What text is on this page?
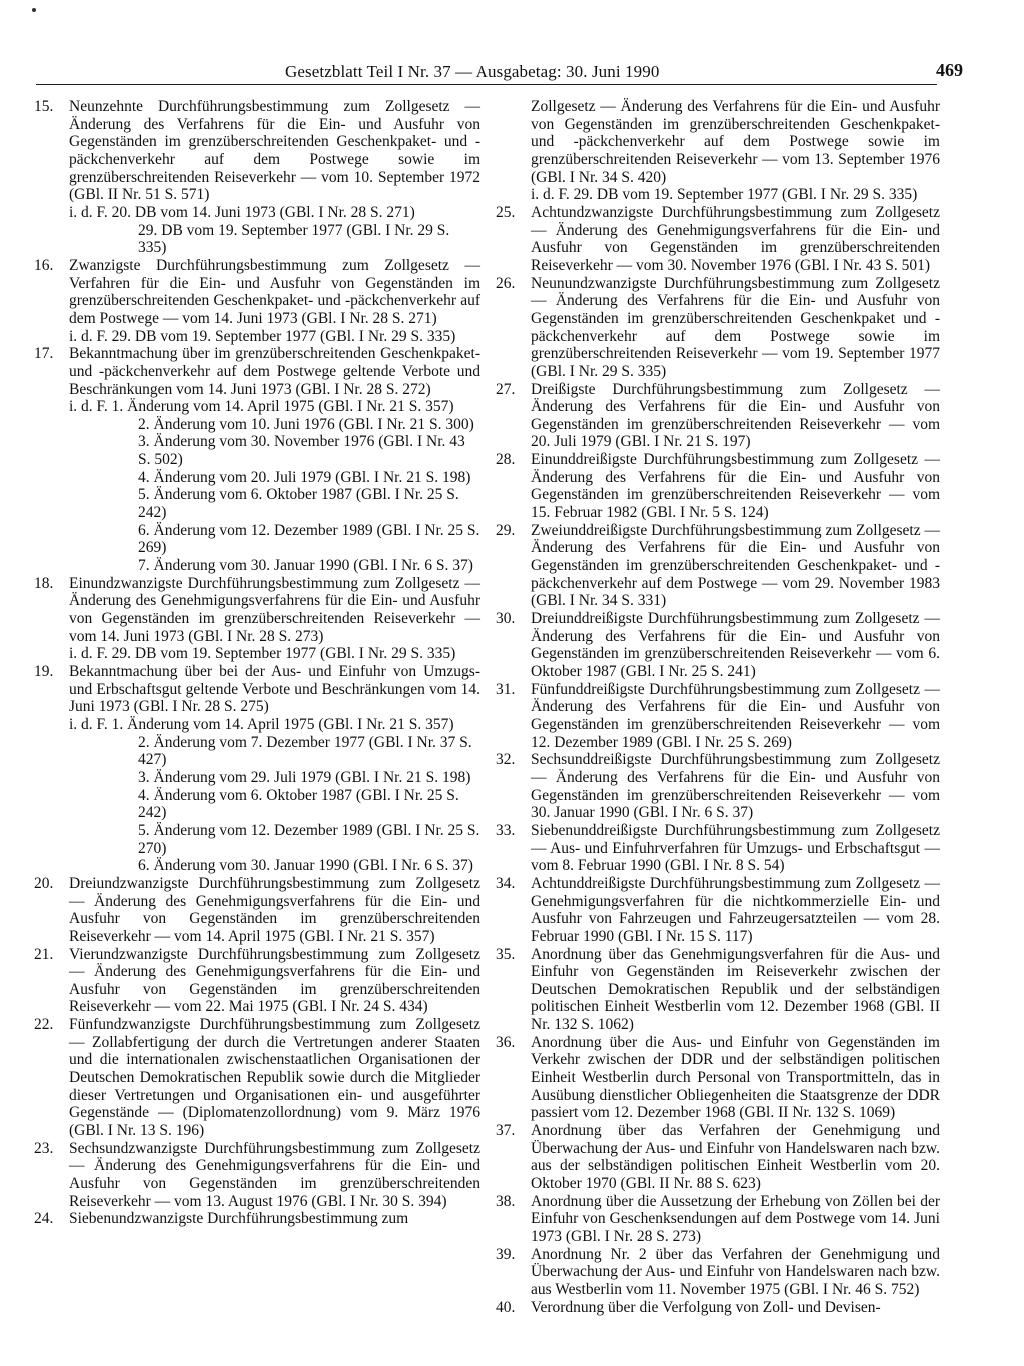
Gesetzblatt Teil I Nr. 37 — Ausgabetag: 30. Juni 1990	469
15. Neunzehnte Durchführungsbestimmung zum Zollgesetz — Änderung des Verfahrens für die Ein- und Ausfuhr von Gegenständen im grenzüberschreitenden Geschenkpaket- und -päckchenverkehr auf dem Postwege sowie im grenzüberschreitenden Reiseverkehr — vom 10. September 1972 (GBl. II Nr. 51 S. 571)
i. d. F. 20. DB vom 14. Juni 1973 (GBl. I Nr. 28 S. 271)
29. DB vom 19. September 1977 (GBl. I Nr. 29 S. 335)
16. Zwanzigste Durchführungsbestimmung zum Zollgesetz — Verfahren für die Ein- und Ausfuhr von Gegenständen im grenzüberschreitenden Geschenkpaket- und -päckchenverkehr auf dem Postwege — vom 14. Juni 1973 (GBl. I Nr. 28 S. 271)
i. d. F. 29. DB vom 19. September 1977 (GBl. I Nr. 29 S. 335)
17. Bekanntmachung über im grenzüberschreitenden Geschenkpaket- und -päckchenverkehr auf dem Postwege geltende Verbote und Beschränkungen vom 14. Juni 1973 (GBl. I Nr. 28 S. 272)
i. d. F. 1. Änderung vom 14. April 1975 (GBl. I Nr. 21 S. 357)
2. Änderung vom 10. Juni 1976 (GBl. I Nr. 21 S. 300)
3. Änderung vom 30. November 1976 (GBl. I Nr. 43 S. 502)
4. Änderung vom 20. Juli 1979 (GBl. I Nr. 21 S. 198)
5. Änderung vom 6. Oktober 1987 (GBl. I Nr. 25 S. 242)
6. Änderung vom 12. Dezember 1989 (GBl. I Nr. 25 S. 269)
7. Änderung vom 30. Januar 1990 (GBl. I Nr. 6 S. 37)
18. Einundzwanzigste Durchführungsbestimmung zum Zollgesetz — Änderung des Genehmigungsverfahrens für die Ein- und Ausfuhr von Gegenständen im grenzüberschreitenden Reiseverkehr — vom 14. Juni 1973 (GBl. I Nr. 28 S. 273)
i. d. F. 29. DB vom 19. September 1977 (GBl. I Nr. 29 S. 335)
19. Bekanntmachung über bei der Aus- und Einfuhr von Umzugs- und Erbschaftsgut geltende Verbote und Beschränkungen vom 14. Juni 1973 (GBl. I Nr. 28 S. 275)
i. d. F. 1. Änderung vom 14. April 1975 (GBl. I Nr. 21 S. 357)
2. Änderung vom 7. Dezember 1977 (GBl. I Nr. 37 S. 427)
3. Änderung vom 29. Juli 1979 (GBl. I Nr. 21 S. 198)
4. Änderung vom 6. Oktober 1987 (GBl. I Nr. 25 S. 242)
5. Änderung vom 12. Dezember 1989 (GBl. I Nr. 25 S. 270)
6. Änderung vom 30. Januar 1990 (GBl. I Nr. 6 S. 37)
20. Dreiundzwanzigste Durchführungsbestimmung zum Zollgesetz — Änderung des Genehmigungsverfahrens für die Ein- und Ausfuhr von Gegenständen im grenzüberschreitenden Reiseverkehr — vom 14. April 1975 (GBl. I Nr. 21 S. 357)
21. Vierundzwanzigste Durchführungsbestimmung zum Zollgesetz — Änderung des Genehmigungsverfahrens für die Ein- und Ausfuhr von Gegenständen im grenzüberschreitenden Reiseverkehr — vom 22. Mai 1975 (GBl. I Nr. 24 S. 434)
22. Fünfundzwanzigste Durchführungsbestimmung zum Zollgesetz — Zollabfertigung der durch die Vertretungen anderer Staaten und die internationalen zwischenstaatlichen Organisationen der Deutschen Demokratischen Republik sowie durch die Mitglieder dieser Vertretungen und Organisationen ein- und ausgeführter Gegenstände — (Diplomatenzollordnung) vom 9. März 1976 (GBl. I Nr. 13 S. 196)
23. Sechsundzwanzigste Durchführungsbestimmung zum Zollgesetz — Änderung des Genehmigungsverfahrens für die Ein- und Ausfuhr von Gegenständen im grenzüberschreitenden Reiseverkehr — vom 13. August 1976 (GBl. I Nr. 30 S. 394)
24. Siebenundzwanzigste Durchführungsbestimmung zum
Zollgesetz — Änderung des Verfahrens für die Ein- und Ausfuhr von Gegenständen im grenzüberschreitenden Geschenkpaket- und -päckchenverkehr auf dem Postwege sowie im grenzüberschreitenden Reiseverkehr — vom 13. September 1976 (GBl. I Nr. 34 S. 420)
i. d. F. 29. DB vom 19. September 1977 (GBl. I Nr. 29 S. 335)
25. Achtundzwanzigste Durchführungsbestimmung zum Zollgesetz — Änderung des Genehmigungsverfahrens für die Ein- und Ausfuhr von Gegenständen im grenzüberschreitenden Reiseverkehr — vom 30. November 1976 (GBl. I Nr. 43 S. 501)
26. Neunundzwanzigste Durchführungsbestimmung zum Zollgesetz — Änderung des Verfahrens für die Ein- und Ausfuhr von Gegenständen im grenzüberschreitenden Geschenkpaket und -päckchenverkehr auf dem Postwege sowie im grenzüberschreitenden Reiseverkehr — vom 19. September 1977 (GBl. I Nr. 29 S. 335)
27. Dreißigste Durchführungsbestimmung zum Zollgesetz — Änderung des Verfahrens für die Ein- und Ausfuhr von Gegenständen im grenzüberschreitenden Reiseverkehr — vom 20. Juli 1979 (GBl. I Nr. 21 S. 197)
28. Einunddreißigste Durchführungsbestimmung zum Zollgesetz — Änderung des Verfahrens für die Ein- und Ausfuhr von Gegenständen im grenzüberschreitenden Reiseverkehr — vom 15. Februar 1982 (GBl. I Nr. 5 S. 124)
29. Zweiunddreißigste Durchführungsbestimmung zum Zollgesetz — Änderung des Verfahrens für die Ein- und Ausfuhr von Gegenständen im grenzüberschreitenden Geschenkpaket- und -päckchenverkehr auf dem Postwege — vom 29. November 1983 (GBl. I Nr. 34 S. 331)
30. Dreiunddreißigste Durchführungsbestimmung zum Zollgesetz — Änderung des Verfahrens für die Ein- und Ausfuhr von Gegenständen im grenzüberschreitenden Reiseverkehr — vom 6. Oktober 1987 (GBl. I Nr. 25 S. 241)
31. Fünfunddreißigste Durchführungsbestimmung zum Zollgesetz — Änderung des Verfahrens für die Ein- und Ausfuhr von Gegenständen im grenzüberschreitenden Reiseverkehr — vom 12. Dezember 1989 (GBl. I Nr. 25 S. 269)
32. Sechsunddreißigste Durchführungsbestimmung zum Zollgesetz — Änderung des Verfahrens für die Ein- und Ausfuhr von Gegenständen im grenzüberschreitenden Reiseverkehr — vom 30. Januar 1990 (GBl. I Nr. 6 S. 37)
33. Siebenunddreißigste Durchführungsbestimmung zum Zollgesetz — Aus- und Einfuhrverfahren für Umzugs- und Erbschaftsgut — vom 8. Februar 1990 (GBl. I Nr. 8 S. 54)
34. Achtunddreißigste Durchführungsbestimmung zum Zollgesetz — Genehmigungsverfahren für die nichtkommerzielle Ein- und Ausfuhr von Fahrzeugen und Fahrzeugersatzteilen — vom 28. Februar 1990 (GBl. I Nr. 15 S. 117)
35. Anordnung über das Genehmigungsverfahren für die Aus- und Einfuhr von Gegenständen im Reiseverkehr zwischen der Deutschen Demokratischen Republik und der selbständigen politischen Einheit Westberlin vom 12. Dezember 1968 (GBl. II Nr. 132 S. 1062)
36. Anordnung über die Aus- und Einfuhr von Gegenständen im Verkehr zwischen der DDR und der selbständigen politischen Einheit Westberlin durch Personal von Transportmitteln, das in Ausübung dienstlicher Obliegenheiten die Staatsgrenze der DDR passiert vom 12. Dezember 1968 (GBl. II Nr. 132 S. 1069)
37. Anordnung über das Verfahren der Genehmigung und Überwachung der Aus- und Einfuhr von Handelswaren nach bzw. aus der selbständigen politischen Einheit Westberlin vom 20. Oktober 1970 (GBl. II Nr. 88 S. 623)
38. Anordnung über die Aussetzung der Erhebung von Zöllen bei der Einfuhr von Geschenksendungen auf dem Postwege vom 14. Juni 1973 (GBl. I Nr. 28 S. 273)
39. Anordnung Nr. 2 über das Verfahren der Genehmigung und Überwachung der Aus- und Einfuhr von Handelswaren nach bzw. aus Westberlin vom 11. November 1975 (GBl. I Nr. 46 S. 752)
40. Verordnung über die Verfolgung von Zoll- und Devisen-
